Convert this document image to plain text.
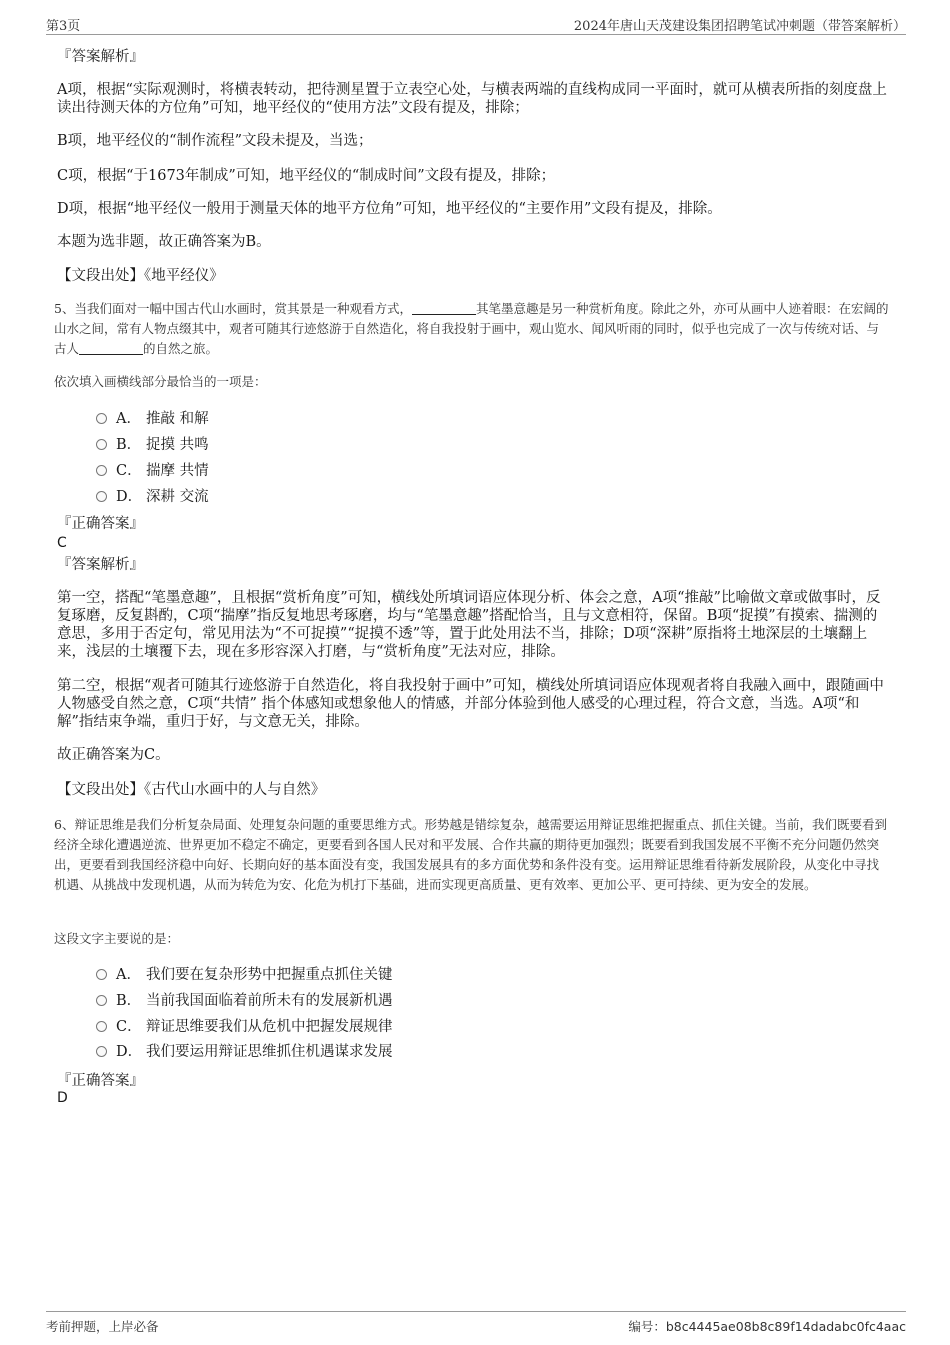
第3页	2024年唐山天茂建设集团招聘笔试冲刺题（带答案解析）
『答案解析』
A项，根据“实际观测时，将横表转动，把待测星置于立表空心处，与横表两端的直线构成同一平面时，就可从横表所指的刻度盘上读出待测天体的方位角”可知，地平经仪的“使用方法”文段有提及，排除；
B项，地平经仪的“制作流程”文段未提及，当选；
C项，根据“于1673年制成”可知，地平经仪的“制成时间”文段有提及，排除；
D项，根据“地平经仪一般用于测量天体的地平方位角”可知，地平经仪的“主要作用”文段有提及，排除。
本题为选非题，故正确答案为B。
【文段出处】《地平经仪》
5、当我们面对一幅中国古代山水画时，赏其景是一种观看方式，	其笔墨意趣是另一种赏析角度。除此之外，亦可从画中人迹着眼：在宏阔的山水之间，常有人物点缀其中，观者可随其行迹悠游于自然造化，将自我投射于画中，观山览水、闻风听雨的同时，似乎也完成了一次与传统对话、与古人	的自然之旅。
依次填入画横线部分最恰当的一项是：
A． 推敲 和解
B． 捉摸 共鸣
C． 揣摩 共情
D． 深耕 交流
『正确答案』
C
『答案解析』
第一空，搭配“笔墨意趣”，且根据“赏析角度”可知，横线处所填词语应体现分析、体会之意，A项“推敲”比喻做文章或做事时，反复琢磨，反复斟酌，C项“揣摩”指反复地思考琢磨，均与“笔墨意趣”搭配恰当，且与文意相符，保留。B项“捉摸”有摸索、揣测的意思，多用于否定句，常见用法为“不可捉摸”“捉摸不透”等，置于此处用法不当，排除；D项“深耕”原指将土地深层的土壤翻上来，浅层的土壤覆下去，现在多形容深入打磨，与“赏析角度”无法对应，排除。
第二空，根据“观者可随其行迹悠游于自然造化，将自我投射于画中”可知，横线处所填词语应体现观者将自我融入画中，跟随画中人物感受自然之意，C项“共情” 指个体感知或想象他人的情感，并部分体验到他人感受的心理过程，符合文意，当选。A项“和解”指结束争端，重归于好，与文意无关，排除。
故正确答案为C。
【文段出处】《古代山水画中的人与自然》
6、辩证思维是我们分析复杂局面、处理复杂问题的重要思维方式。形势越是错综复杂，越需要运用辩证思维把握重点、抓住关键。当前，我们既要看到经济全球化遭遇逆流、世界更加不稳定不确定，更要看到各国人民对和平发展、合作共赢的期待更加强烈；既要看到我国发展不平衡不充分问题仍然突出，更要看到我国经济稳中向好、长期向好的基本面没有变，我国发展具有的多方面优势和条件没有变。运用辩证思维看待新发展阶段，从变化中寻找机遇、从挑战中发现机遇，从而为转危为安、化危为机打下基础，进而实现更高质量、更有效率、更加公平、更可持续、更为安全的发展。
这段文字主要说的是：
A． 我们要在复杂形势中把握重点抓住关键
B． 当前我国面临着前所未有的发展新机遇
C． 辩证思维要我们从危机中把握发展规律
D． 我们要运用辩证思维抓住机遇谋求发展
『正确答案』
D
考前押题，上岸必备	编号：b8c4445ae08b8c89f14dadabc0fc4aac
